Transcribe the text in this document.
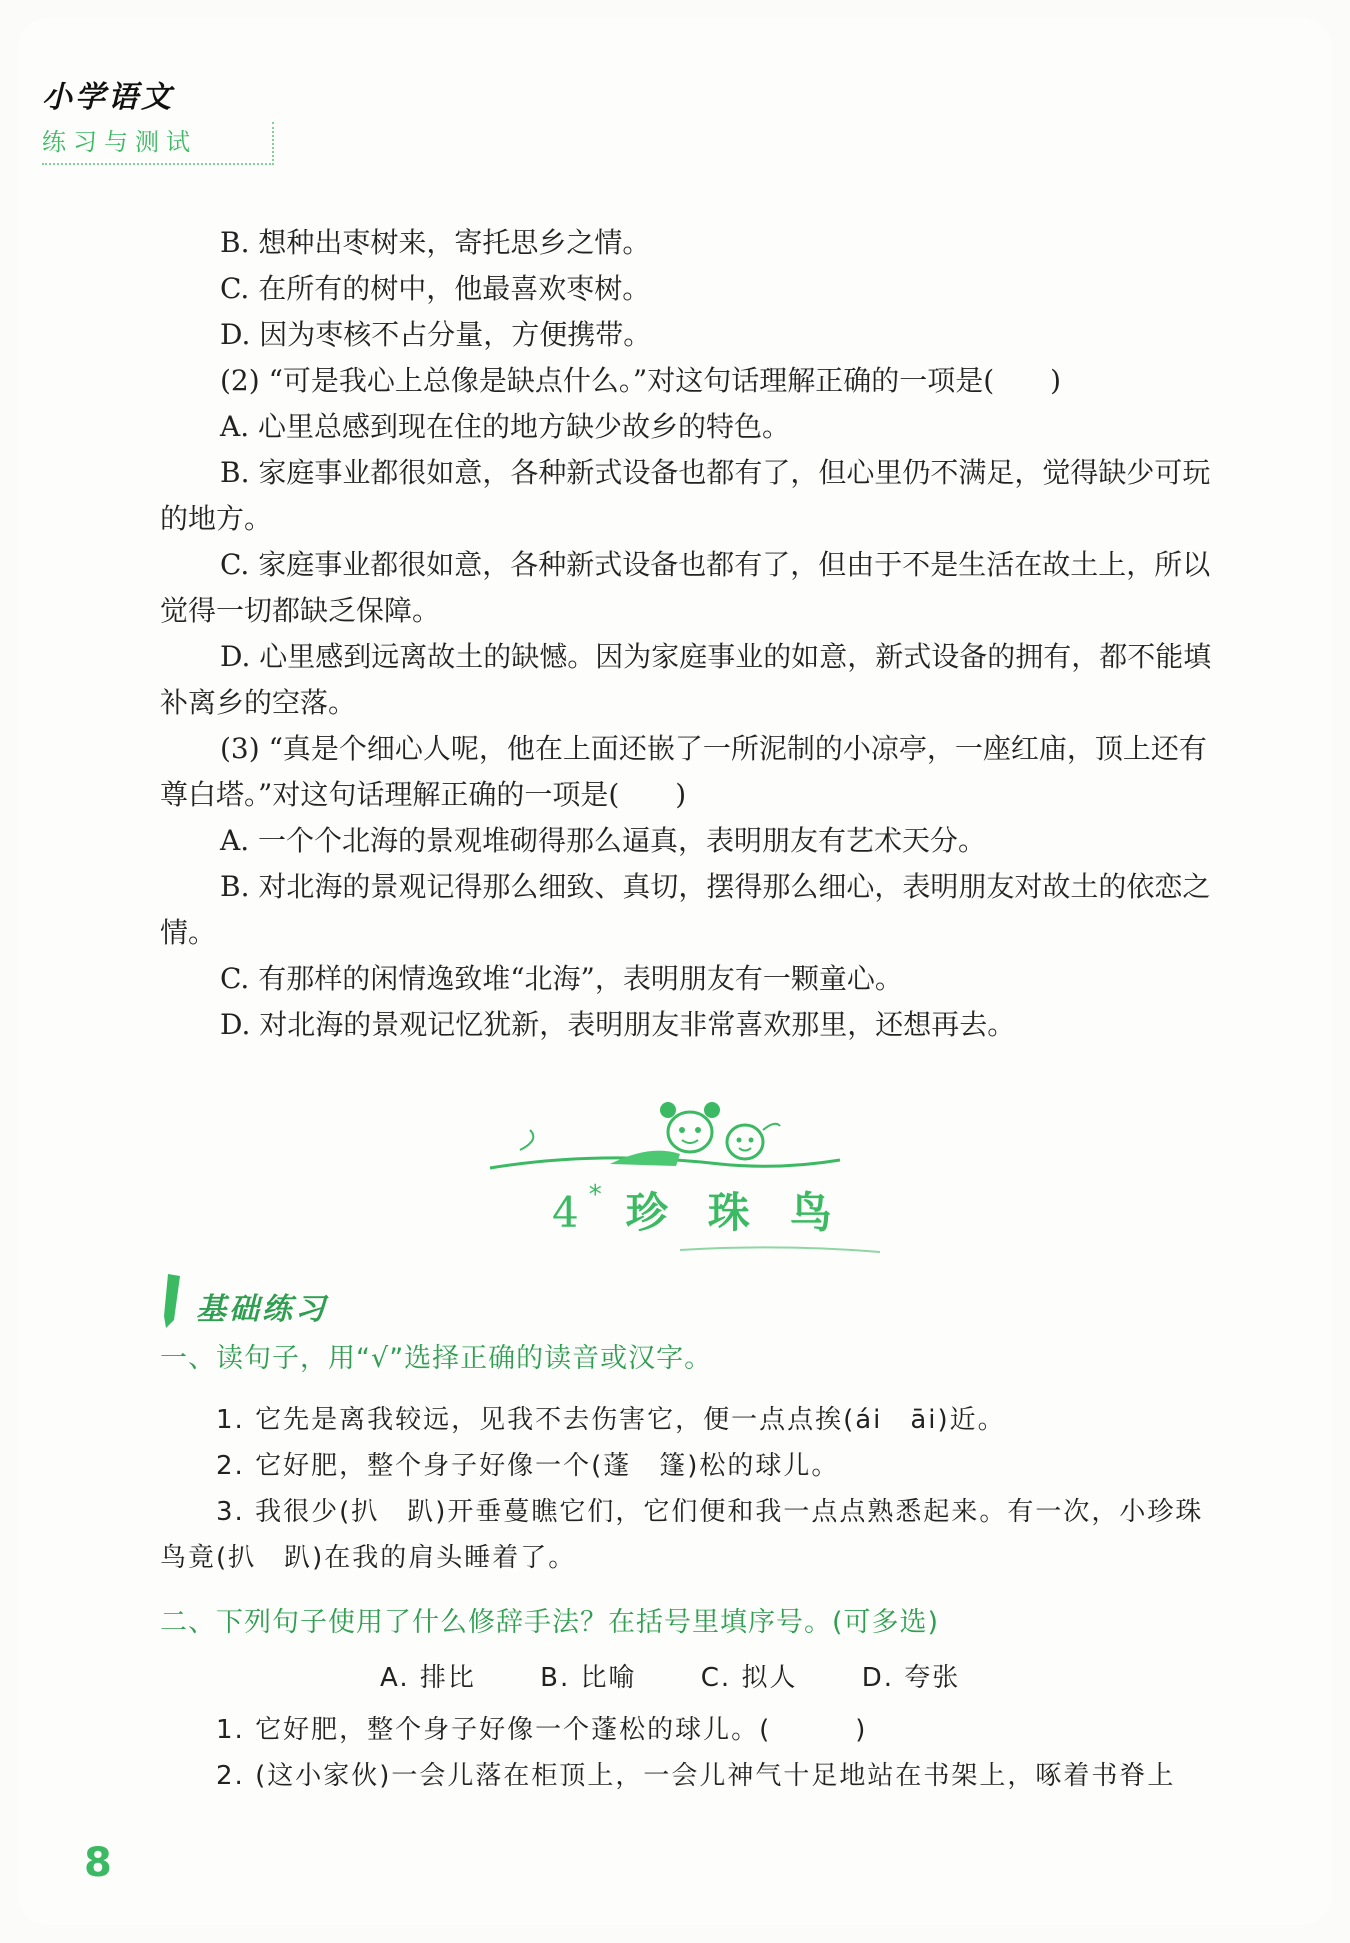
小学语文
练习与测试
B. 想种出枣树来，寄托思乡之情。
C. 在所有的树中，他最喜欢枣树。
D. 因为枣核不占分量，方便携带。
(2) “可是我心上总像是缺点什么。”对这句话理解正确的一项是(　　)
A. 心里总感到现在住的地方缺少故乡的特色。
B. 家庭事业都很如意，各种新式设备也都有了，但心里仍不满足，觉得缺少可玩的地方。
C. 家庭事业都很如意，各种新式设备也都有了，但由于不是生活在故土上，所以觉得一切都缺乏保障。
D. 心里感到远离故土的缺憾。因为家庭事业的如意，新式设备的拥有，都不能填补离乡的空落。
(3) “真是个细心人呢，他在上面还嵌了一所泥制的小凉亭，一座红庙，顶上还有尊白塔。”对这句话理解正确的一项是(　　)
A. 一个个北海的景观堆砌得那么逼真，表明朋友有艺术天分。
B. 对北海的景观记得那么细致、真切，摆得那么细心，表明朋友对故土的依恋之情。
C. 有那样的闲情逸致堆“北海”，表明朋友有一颗童心。
D. 对北海的景观记忆犹新，表明朋友非常喜欢那里，还想再去。
4* 珍 珠 鸟
基础练习
一、读句子，用“√”选择正确的读音或汉字。
1. 它先是离我较远，见我不去伤害它，便一点点挨(ái　āi)近。
2. 它好肥，整个身子好像一个(蓬　篷)松的球儿。
3. 我很少(扒　趴)开垂蔓瞧它们，它们便和我一点点熟悉起来。有一次，小珍珠鸟竟(扒　趴)在我的肩头睡着了。
二、下列句子使用了什么修辞手法？在括号里填序号。(可多选)
A. 排比 B. 比喻 C. 拟人 D. 夸张
1. 它好肥，整个身子好像一个蓬松的球儿。(　　　)
2. (这小家伙)一会儿落在柜顶上，一会儿神气十足地站在书架上，啄着书脊上
8
